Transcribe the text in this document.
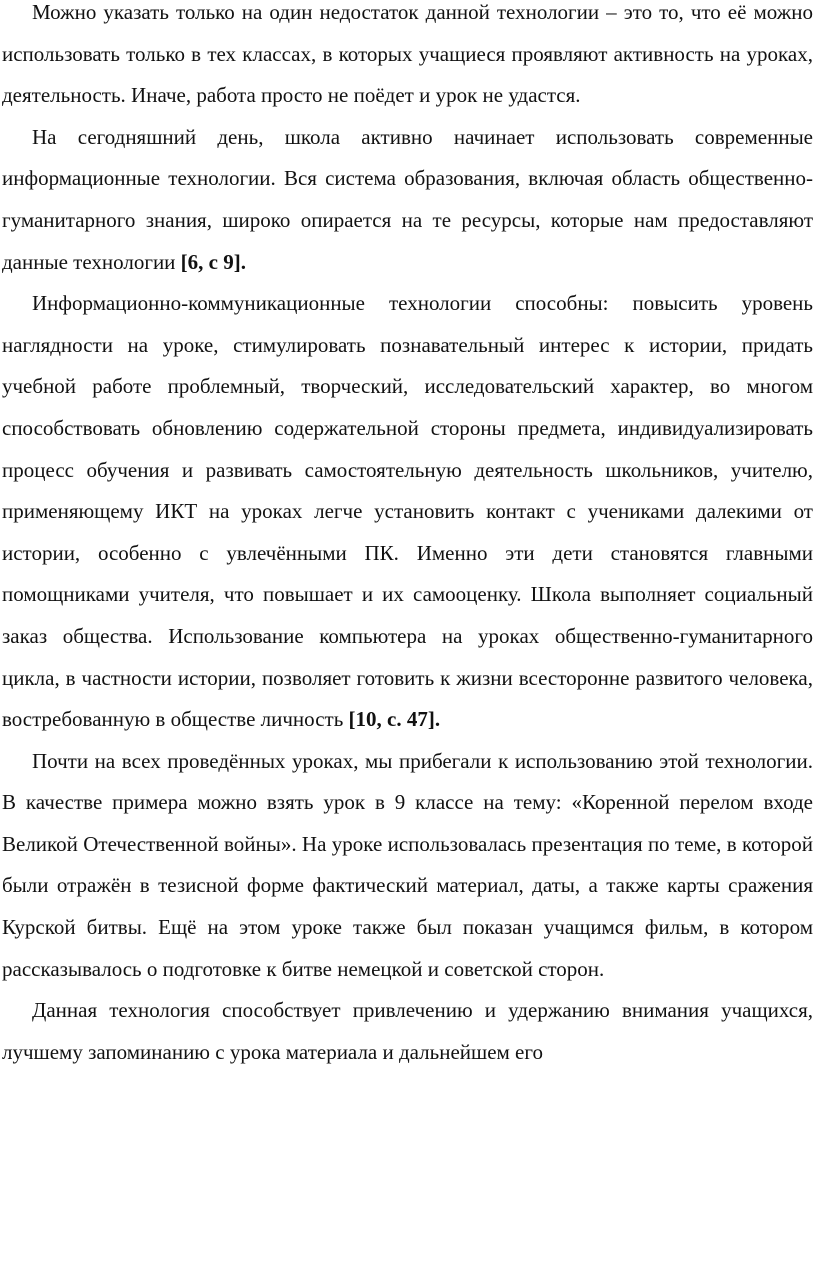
Можно указать только на один недостаток данной технологии – это то, что её можно использовать только в тех классах, в которых учащиеся проявляют активность на уроках, деятельность. Иначе, работа просто не поёдет и урок не удастся.

На сегодняшний день, школа активно начинает использовать современные информационные технологии. Вся система образования, включая область общественно-гуманитарного знания, широко опирается на те ресурсы, которые нам предоставляют данные технологии [6, с 9].

Информационно-коммуникационные технологии способны: повысить уровень наглядности на уроке, стимулировать познавательный интерес к истории, придать учебной работе проблемный, творческий, исследовательский характер, во многом способствовать обновлению содержательной стороны предмета, индивидуализировать процесс обучения и развивать самостоятельную деятельность школьников, учителю, применяющему ИКТ на уроках легче установить контакт с учениками далекими от истории, особенно с увлечёнными ПК. Именно эти дети становятся главными помощниками учителя, что повышает и их самооценку. Школа выполняет социальный заказ общества. Использование компьютера на уроках общественно-гуманитарного цикла, в частности истории, позволяет готовить к жизни всесторонне развитого человека, востребованную в обществе личность [10, с. 47].

Почти на всех проведённых уроках, мы прибегали к использованию этой технологии. В качестве примера можно взять урок в 9 классе на тему: «Коренной перелом входе Великой Отечественной войны». На уроке использовалась презентация по теме, в которой были отражён в тезисной форме фактический материал, даты, а также карты сражения Курской битвы. Ещё на этом уроке также был показан учащимся фильм, в котором рассказывалось о подготовке к битве немецкой и советской сторон.

Данная технология способствует привлечению и удержанию внимания учащихся, лучшему запоминанию с урока материала и дальнейшем его
